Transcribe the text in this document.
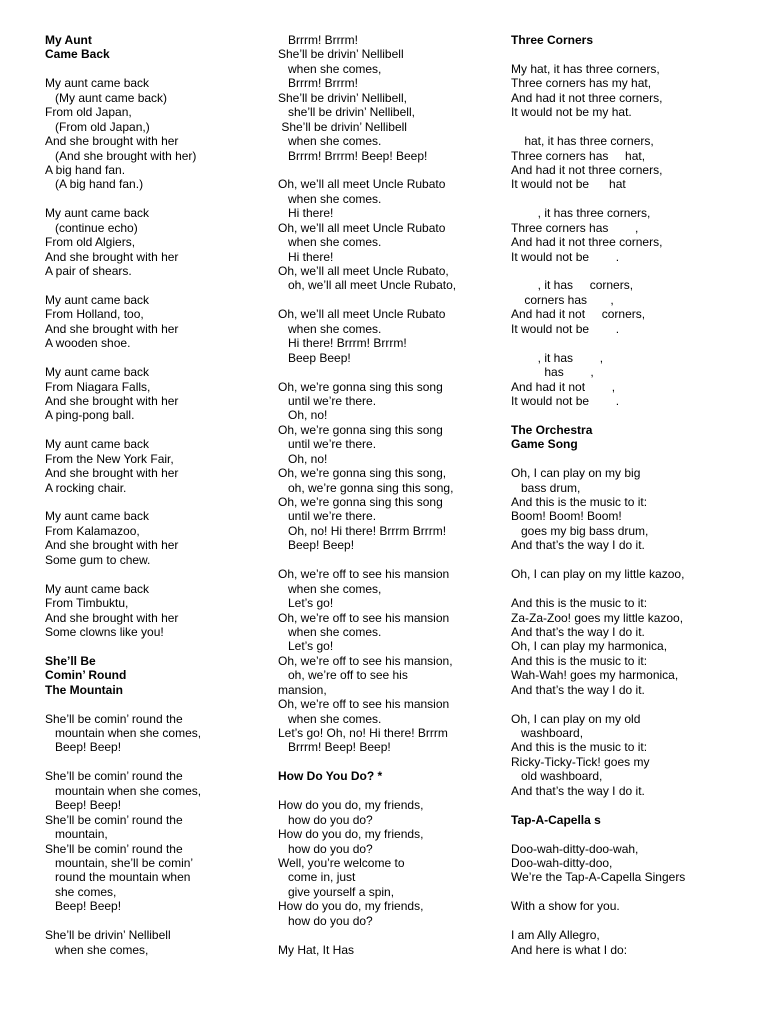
My Aunt
Came Back
My aunt came back
(My aunt came back)
From old Japan,
(From old Japan,)
And she brought with her
(And she brought with her)
A big hand fan.
(A big hand fan.)
My aunt came back
(continue echo)
From old Algiers,
And she brought with her
A pair of shears.
My aunt came back
From Holland, too,
And she brought with her
A wooden shoe.
My aunt came back
From Niagara Falls,
And she brought with her
A ping-pong ball.
My aunt came back
From the New York Fair,
And she brought with her
A rocking chair.
My aunt came back
From Kalamazoo,
And she brought with her
Some gum to chew.
My aunt came back
From Timbuktu,
And she brought with her
Some clowns like you!
She’ll Be
Comin’ Round
The Mountain
She’ll be comin’ round the
mountain when she comes,
Beep! Beep!
She’ll be comin’ round the
mountain when she comes,
Beep! Beep!
She’ll be comin’ round the
mountain,
She’ll be comin’ round the
mountain, she’ll be comin’
round the mountain when
she comes,
Beep! Beep!
She’ll be drivin’ Nellibell
when she comes,
Brrrm! Brrrm!
She’ll be drivin’ Nellibell
when she comes,
Brrrm! Brrrm!
She’ll be drivin’ Nellibell,
she’ll be drivin’ Nellibell,
She’ll be drivin’ Nellibell
when she comes.
Brrrm! Brrrm! Beep! Beep!
Oh, we’ll all meet Uncle Rubato
when she comes.
Hi there!
Oh, we’ll all meet Uncle Rubato
when she comes.
Hi there!
Oh, we’ll all meet Uncle Rubato,
oh, we’ll all meet Uncle Rubato,
Oh, we’ll all meet Uncle Rubato
when she comes.
Hi there! Brrrm! Brrrm!
Beep Beep!
Oh, we’re gonna sing this song
until we’re there.
Oh, no!
Oh, we’re gonna sing this song
until we’re there.
Oh, no!
Oh, we’re gonna sing this song,
oh, we’re gonna sing this song,
Oh, we’re gonna sing this song
until we’re there.
Oh, no! Hi there! Brrrm Brrrm!
Beep! Beep!
Oh, we’re off to see his mansion
when she comes,
Let’s go!
Oh, we’re off to see his mansion
when she comes.
Let’s go!
Oh, we’re off to see his mansion,
oh, we’re off to see his
mansion,
Oh, we’re off to see his mansion
when she comes.
Let’s go! Oh, no! Hi there! Brrrm
Brrrm! Beep! Beep!
How Do You Do? *
How do you do, my friends,
how do you do?
How do you do, my friends,
how do you do?
Well, you’re welcome to
come in, just
give yourself a spin,
How do you do, my friends,
how do you do?
My Hat, It Has
Three Corners
My hat, it has three corners,
Three corners has my hat,
And had it not three corners,
It would not be my hat.
hat, it has three corners,
Three corners has     hat,
And had it not three corners,
It would not be      hat
, it has three corners,
Three corners has        ,
And had it not three corners,
It would not be        .
, it has     corners,
corners has       ,
And had it not     corners,
It would not be        .
, it has        ,
has        ,
And had it not        ,
It would not be        .
The Orchestra
Game Song
Oh, I can play on my big
bass drum,
And this is the music to it:
Boom! Boom! Boom!
goes my big bass drum,
And that’s the way I do it.
Oh, I can play on my little kazoo,
And this is the music to it:
Za-Za-Zoo! goes my little kazoo,
And that’s the way I do it.
Oh, I can play my harmonica,
And this is the music to it:
Wah-Wah! goes my harmonica,
And that’s the way I do it.
Oh, I can play on my old
washboard,
And this is the music to it:
Ricky-Ticky-Tick! goes my
old washboard,
And that’s the way I do it.
Tap-A-Capella s
Doo-wah-ditty-doo-wah,
Doo-wah-ditty-doo,
We’re the Tap-A-Capella Singers
With a show for you.
I am Ally Allegro,
And here is what I do:
